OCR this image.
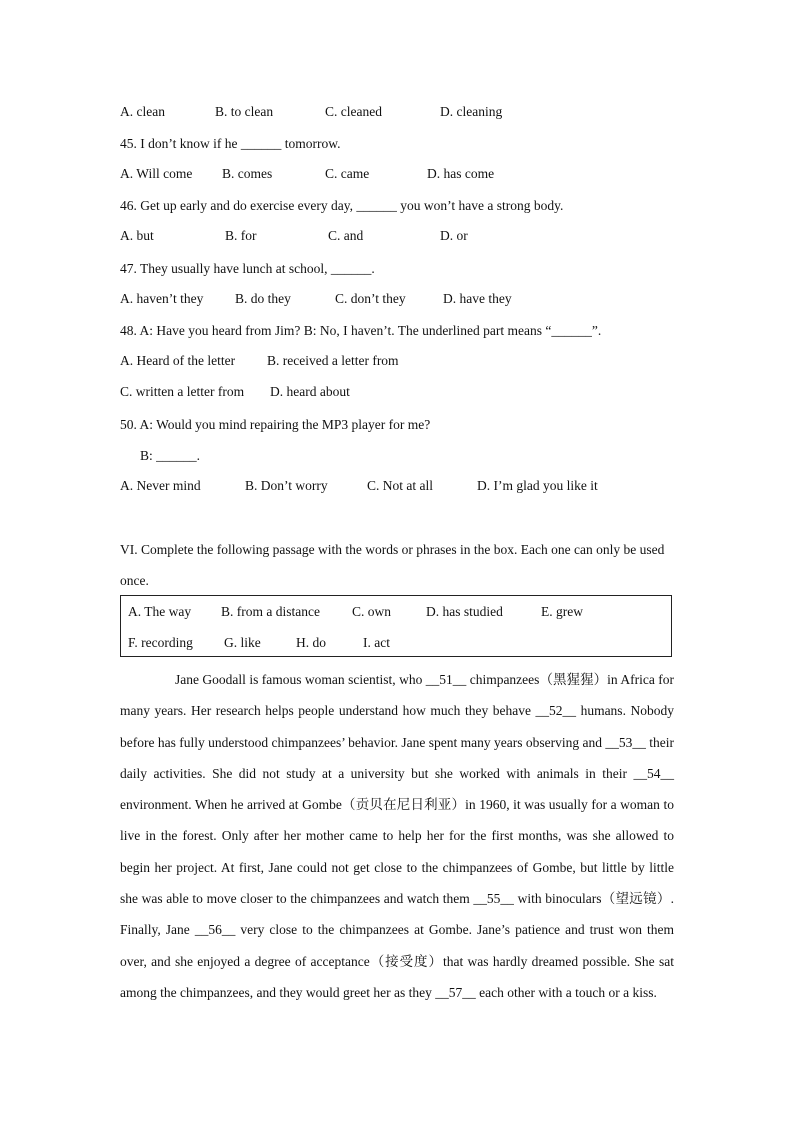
A. clean	B. to clean	C. cleaned	D. cleaning
45. I don’t know if he ______ tomorrow.
A. Will come B. comes	C. came	D. has come
46. Get up early and do exercise every day, ______ you won’t have a strong body.
A. but	B. for	C. and	D. or
47. They usually have lunch at school, ______.
A. haven’t they B. do they	C. don’t they	D. have they
48. A: Have you heard from Jim? B: No, I haven’t. The underlined part means “______”.
A. Heard of the letter B. received a letter from
C. written a letter from D. heard about
50. A: Would you mind repairing the MP3 player for me?
B: ______.
A. Never mind	B. Don’t worry	C. Not at all	D. I’m glad you like it
VI. Complete the following passage with the words or phrases in the box. Each one can only be used
once.
A. The way B. from a distance C. own	D. has studied	E. grew
F. recording G. like	H. do	I. act
Jane Goodall is famous woman scientist, who __51__ chimpanzees（黑猩猩）in Africa for many years. Her research helps people understand how much they behave __52__ humans. Nobody before has fully understood chimpanzees’ behavior. Jane spent many years observing and __53__ their daily activities. She did not study at a university but she worked with animals in their __54__ environment. When he arrived at Gombe（贡贝在尼日利亚）in 1960, it was usually for a woman to live in the forest. Only after her mother came to help her for the first months, was she allowed to begin her project. At first, Jane could not get close to the chimpanzees of Gombe, but little by little she was able to move closer to the chimpanzees and watch them __55__ with binoculars（望远镜）. Finally, Jane __56__ very close to the chimpanzees at Gombe. Jane’s patience and trust won them over, and she enjoyed a degree of acceptance（接受度）that was hardly dreamed possible. She sat among the chimpanzees, and they would greet her as they __57__ each other with a touch or a kiss.
